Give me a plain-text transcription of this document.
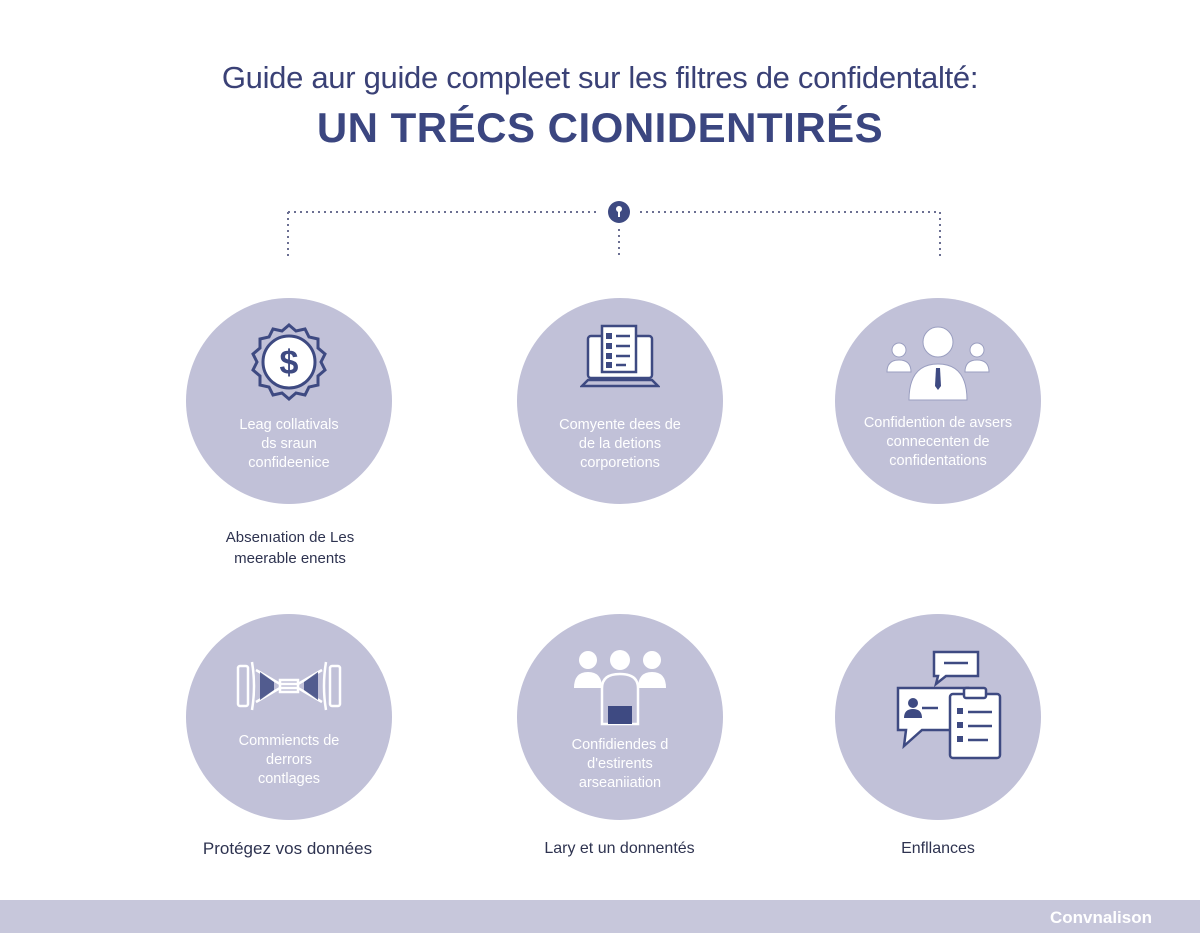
Guide aur guide compleet sur les filtres de confidentalté:
UN TRÉCS CIONIDENTIRÉS
$
Leag collativals
ds sraun
confideenice
Absenıation de Les
meerable enents
Comyente dees de
de la detions
corporetions
Confidention de avsers
connecenten de
confidentations
Commiencts de
derrors
contlages
Protégez vos données
Confidiendes d
d'estirents
arseaniiation
Lary et un donnentés	Enfllances
Convnalison
